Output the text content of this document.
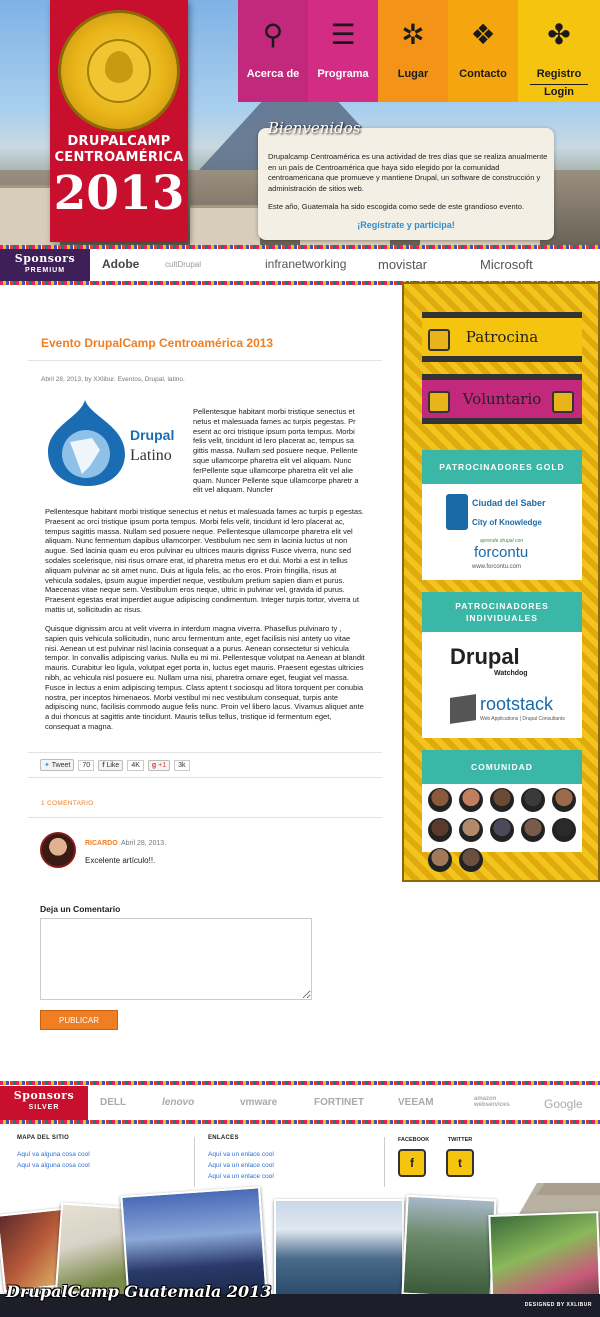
DRUPALCAMP CENTROAMÉRICA
2013
⚲
Acerca de
☰
Programa
✲
Lugar
❖
Contacto
✤
Registro
Login
Bienvenidos

Drupalcamp Centroamérica es una actividad de tres días que se realiza anualmente en un país de Centroamérica que haya sido elegido por la comunidad centroamericana que promueve y mantiene Drupal, un software de construcción y administración de sitios web.

Este año, Guatemala ha sido escogida como sede de este grandioso evento.

¡Regístrate y participa!
Sponsors
PREMIUM	Adobe	cultDrupal	infranetworking movistar	Microsoft
Evento DrupalCamp Centroamérica 2013
Abril 28, 2013, by XXlibur. Eventos, Drupal, latino.
Drupal
Latino

Pellentesque habitant morbi tristique senectus et netus et malesuada fames ac turpis pegestas. Pr esent ac orci tristique ipsum porta tempus. Morbi felis velit, tincidunt id lero placerat ac, tempus sa gittis massa. Nullam sed posuere neque. Pellente sque ullamcorpe pharetra elit vel aliquam. Nunc ferPellente sque ullamcorpe pharetra elit vel alie quam. Nuncer Pellente sque ullamcorpe pharetr a elit vel aliquam. Nuncfer

Pellentesque habitant morbi tristique senectus et netus et malesuada fames ac turpis p egestas. Praesent ac orci tristique ipsum porta tempus. Morbi felis velit, tincidunt id lero placerat ac, tempus sagittis massa. Nullam sed posuere neque. Pellentesque ullamcorpe pharetra elit vel aliquam. Nunc fermentum dapibus ullamcorper. Vestibulum nec sem in lacinia luctus ut non augue. Sed lacinia quam eu eros pulvinar eu ultrices mauris digniss Fusce viverra, nunc sed sodales scelerisque, nisi risus ornare erat, id pharetra metus ero et dui. Morbi a est in tellus aliquam pulvinar ac sit amet nunc. Duis at ligula felis, ac rho eros. Proin fringilla, risus at vehicula sodales, ipsum augue imperdiet neque, vestibulum pretium sapien diam et purus. Maecenas vitae neque sem. Vestibulum eros neque, ultric in pulvinar vel, gravida id purus. Praesent egestas erat imperdiet augue adipiscing condimentum. Integer turpis tortor, viverra ut mattis ut, sollicitudin ac risus.

Quisque dignissim arcu at velit viverra in interdum magna viverra. Phasellus pulvinaro ty , sapien quis vehicula sollicitudin, nunc arcu fermentum ante, eget facilisis nisi antety uo vitae nisi. Aenean ut est pulvinar nisl lacinia consequat a a purus. Aenean consectetur si vehicula tempor. In convallis adipiscing varius. Nulla eu mi mi. Pellentesque volutpat na Aenean at blandit mauris. Curabitur leo ligula, volutpat eget porta in, luctus eget mauris. Praesent egestas ultricies nibh, ac vehicula nisl posuere eu. Nullam urna nisi, pharetra ornare eget, feugiat vel massa. Fusce in lectus a enim adipiscing tempus. Class aptent t sociosqu ad litora torquent per conubia nostra, per inceptos himenaeos. Morbi vestibul mi nec vestibulum consequat, turpis ante adipiscing nunc, facilisis commodo augue felis nunc. Proin vel libero lacus. Vivamus aliquet ante a dui rhoncus at sagittis ante tincidunt. Mauris tellus tellus, tristique id fermentum eget, consequat a magna.

✦ Tweet	70	f Like	4K	g +1	3k
1 COMENTARIO
RICARDO Abril 28, 2013.
Excelente artículo!!.
Deja un Comentario
PUBLICAR
Patrocina
Voluntario
PATROCINADORES GOLD
Ciudad del Saber
City of Knowledge
aprende drupal con
forcontu
www.forcontu.com
PATROCINADORES INDIVIDUALES
Drupal
Watchdog
rootstack
Web Applications | Drupal Consultants
COMUNIDAD
Sponsors
SILVER	DELL	lenovo	vmware	FORTINET	VEEAM	amazon webservices	Google
MAPA DEL SITIO
Aquí va alguna cosa cool
Aquí va alguna cosa cool
ENLACES
Aquí va un enlace cool
Aquí va un enlace cool
Aquí va un enlace cool
FACEBOOK
f
TWITTER
t
DESIGNED BY XXLIBUR
DrupalCamp Guatemala 2013
